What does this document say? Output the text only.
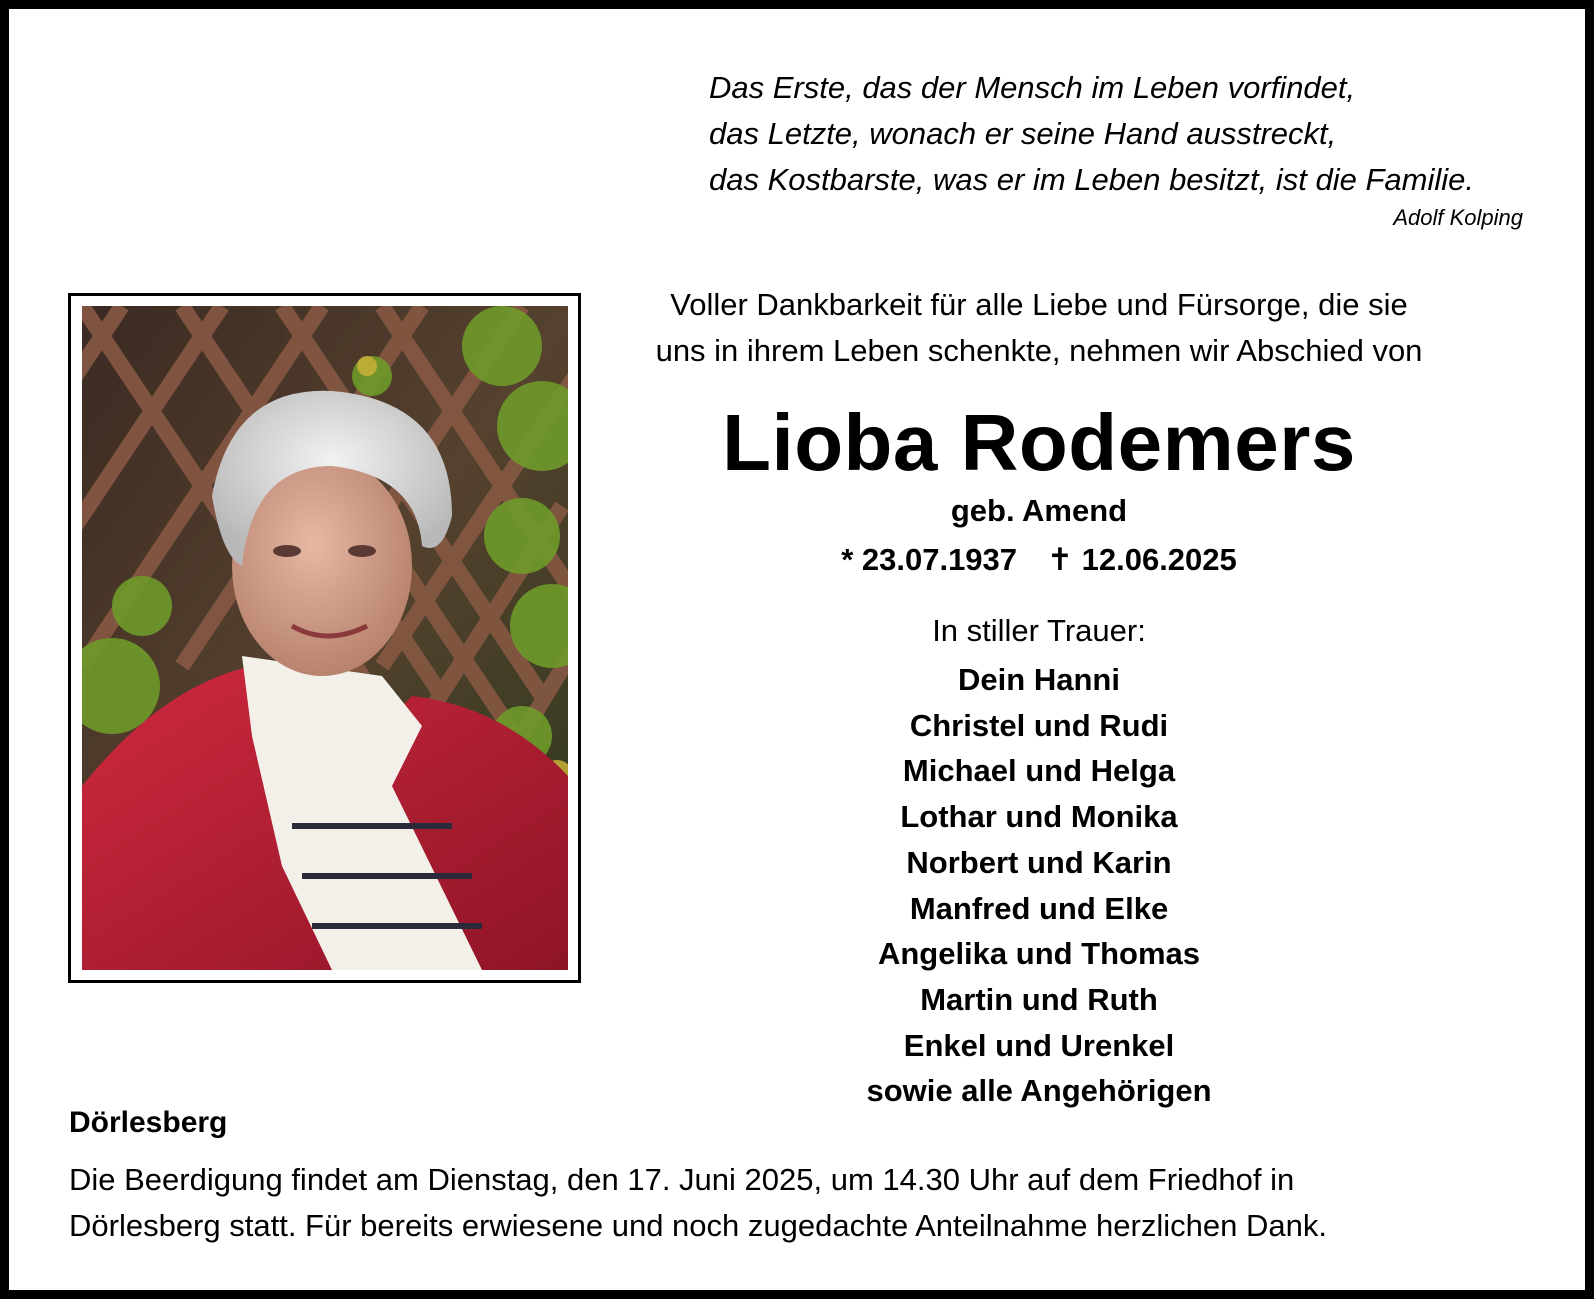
Das Erste, das der Mensch im Leben vorfindet,
das Letzte, wonach er seine Hand ausstreckt,
das Kostbarste, was er im Leben besitzt, ist die Familie.
Adolf Kolping
Voller Dankbarkeit für alle Liebe und Fürsorge, die sie
uns in ihrem Leben schenkte, nehmen wir Abschied von
Lioba Rodemers
geb. Amend
* 23.07.1937 ✝ 12.06.2025
In stiller Trauer:
Dein Hanni
Christel und Rudi
Michael und Helga
Lothar und Monika
Norbert und Karin
Manfred und Elke
Angelika und Thomas
Martin und Ruth
Enkel und Urenkel
sowie alle Angehörigen
Dörlesberg
Die Beerdigung findet am Dienstag, den 17. Juni 2025, um 14.30 Uhr auf dem Friedhof in
Dörlesberg statt. Für bereits erwiesene und noch zugedachte Anteilnahme herzlichen Dank.
